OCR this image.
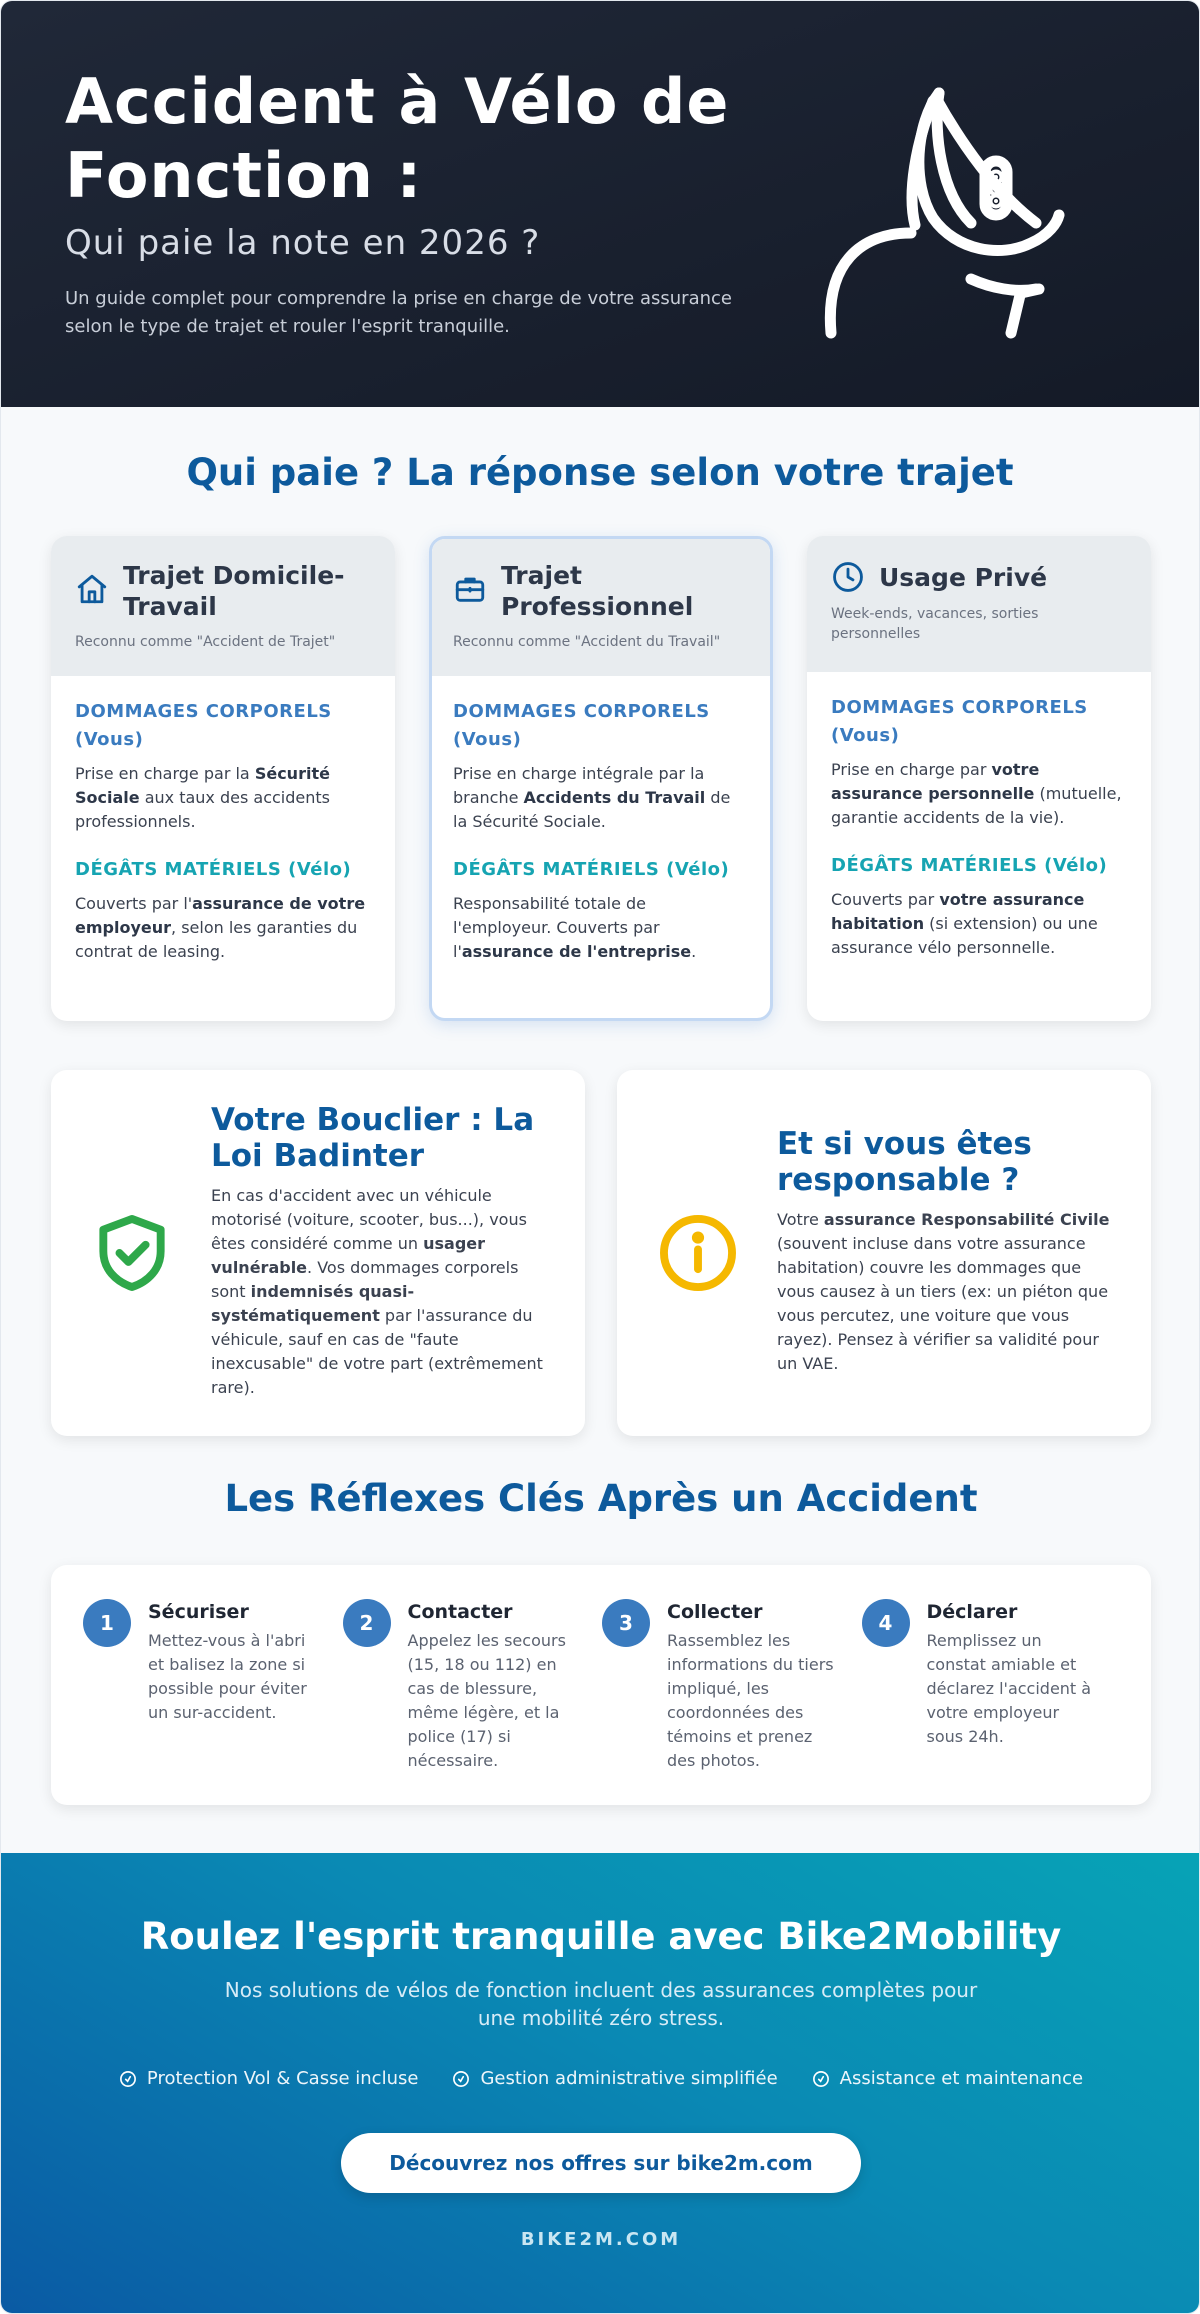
Accident à Vélo de Fonction :
Qui paie la note en 2026 ?

Un guide complet pour comprendre la prise en charge de votre assurance selon le type de trajet et rouler l'esprit tranquille.

Qui paie ? La réponse selon votre trajet
Trajet Domicile-Travail
Reconnu comme "Accident de Trajet"
DOMMAGES CORPORELS (Vous)

Prise en charge par la Sécurité Sociale aux taux des accidents professionnels.

DÉGÂTS MATÉRIELS (Vélo)

Couverts par l'assurance de votre employeur, selon les garanties du contrat de leasing.

Trajet Professionnel
Reconnu comme "Accident du Travail"
DOMMAGES CORPORELS (Vous)

Prise en charge intégrale par la branche Accidents du Travail de la Sécurité Sociale.

DÉGÂTS MATÉRIELS (Vélo)

Responsabilité totale de l'employeur. Couverts par l'assurance de l'entreprise.

Usage Privé
Week-ends, vacances, sorties personnelles
DOMMAGES CORPORELS (Vous)

Prise en charge par votre assurance personnelle (mutuelle, garantie accidents de la vie).

DÉGÂTS MATÉRIELS (Vélo)

Couverts par votre assurance habitation (si extension) ou une assurance vélo personnelle.

Votre Bouclier : La Loi Badinter

En cas d'accident avec un véhicule motorisé (voiture, scooter, bus...), vous êtes considéré comme un usager vulnérable. Vos dommages corporels sont indemnisés quasi-systématiquement par l'assurance du véhicule, sauf en cas de "faute inexcusable" de votre part (extrêmement rare).

Et si vous êtes responsable ?

Votre assurance Responsabilité Civile (souvent incluse dans votre assurance habitation) couvre les dommages que vous causez à un tiers (ex: un piéton que vous percutez, une voiture que vous rayez). Pensez à vérifier sa validité pour un VAE.

Les Réflexes Clés Après un Accident
1	Sécuriser

Mettez-vous à l'abri et balisez la zone si possible pour éviter un sur-accident.

2	Contacter

Appelez les secours (15, 18 ou 112) en cas de blessure, même légère, et la police (17) si nécessaire.

3	Collecter

Rassemblez les informations du tiers impliqué, les coordonnées des témoins et prenez des photos.

4	Déclarer

Remplissez un constat amiable et déclarez l'accident à votre employeur sous 24h.

Roulez l'esprit tranquille avec Bike2Mobility

Nos solutions de vélos de fonction incluent des assurances complètes pour une mobilité zéro stress.

Protection Vol & Casse incluse	Gestion administrative simplifiée	Assistance et maintenance
Découvrez nos offres sur bike2m.com
BIKE2M.COM
